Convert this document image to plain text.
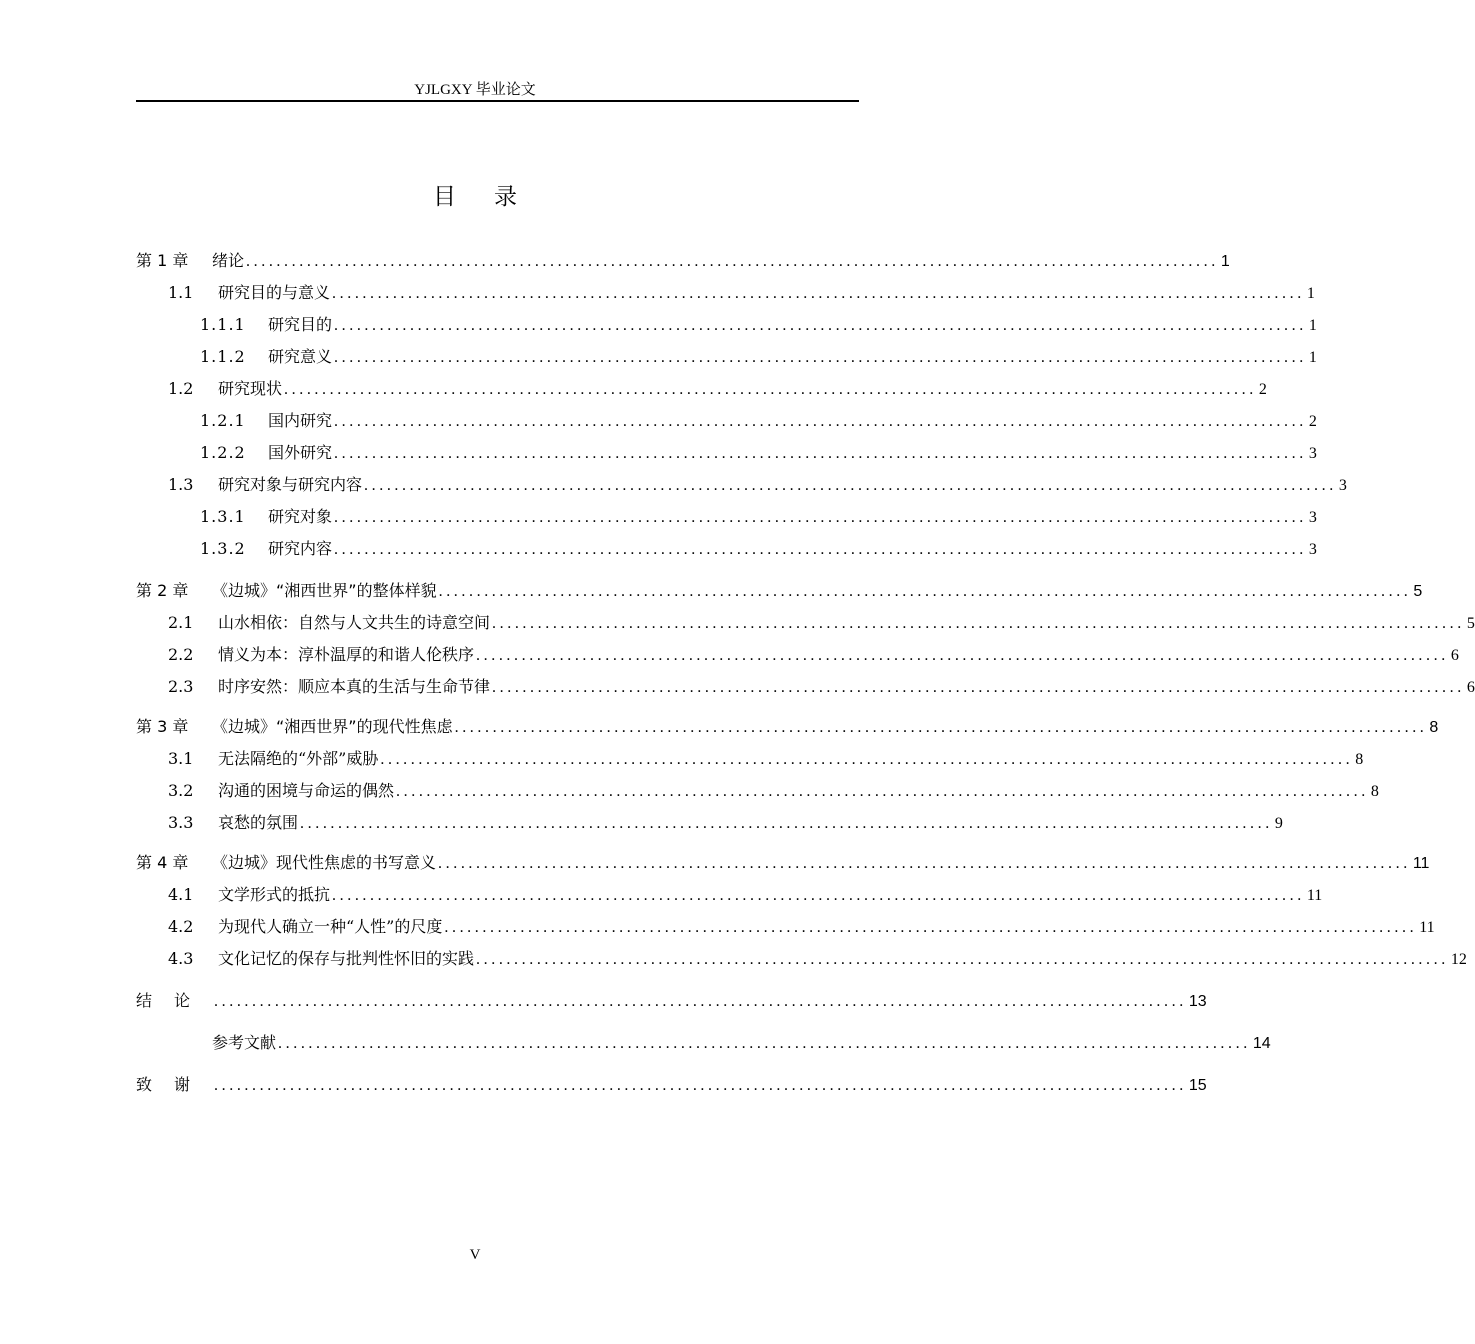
YJLGXY 毕业论文
目录
第 1 章	绪论 ................................................................................................................................ 1
1.1	研究目的与意义 ................................................................................................................................ 1
1.1.1	研究目的 ................................................................................................................................ 1
1.1.2	研究意义 ................................................................................................................................ 1
1.2	研究现状 ................................................................................................................................ 2
1.2.1	国内研究 ................................................................................................................................ 2
1.2.2	国外研究 ................................................................................................................................ 3
1.3	研究对象与研究内容 ................................................................................................................................ 3
1.3.1	研究对象 ................................................................................................................................ 3
1.3.2	研究内容 ................................................................................................................................ 3
第 2 章	《边城》“湘西世界”的整体样貌 ................................................................................................................................ 5
2.1	山水相依：自然与人文共生的诗意空间 ................................................................................................................................ 5
2.2	情义为本：淳朴温厚的和谐人伦秩序 ................................................................................................................................ 6
2.3	时序安然：顺应本真的生活与生命节律 ................................................................................................................................ 6
第 3 章	《边城》“湘西世界”的现代性焦虑 ................................................................................................................................ 8
3.1	无法隔绝的“外部”威胁 ................................................................................................................................ 8
3.2	沟通的困境与命运的偶然 ................................................................................................................................ 8
3.3	哀愁的氛围 ................................................................................................................................ 9
第 4 章	《边城》现代性焦虑的书写意义 ................................................................................................................................ 11
4.1	文学形式的抵抗 ................................................................................................................................ 11
4.2	为现代人确立一种“人性”的尺度 ................................................................................................................................ 11
4.3	文化记忆的保存与批判性怀旧的实践 ................................................................................................................................ 12
结论 ................................................................................................................................ 13
参考文献 ................................................................................................................................ 14
致谢 ................................................................................................................................ 15
V
